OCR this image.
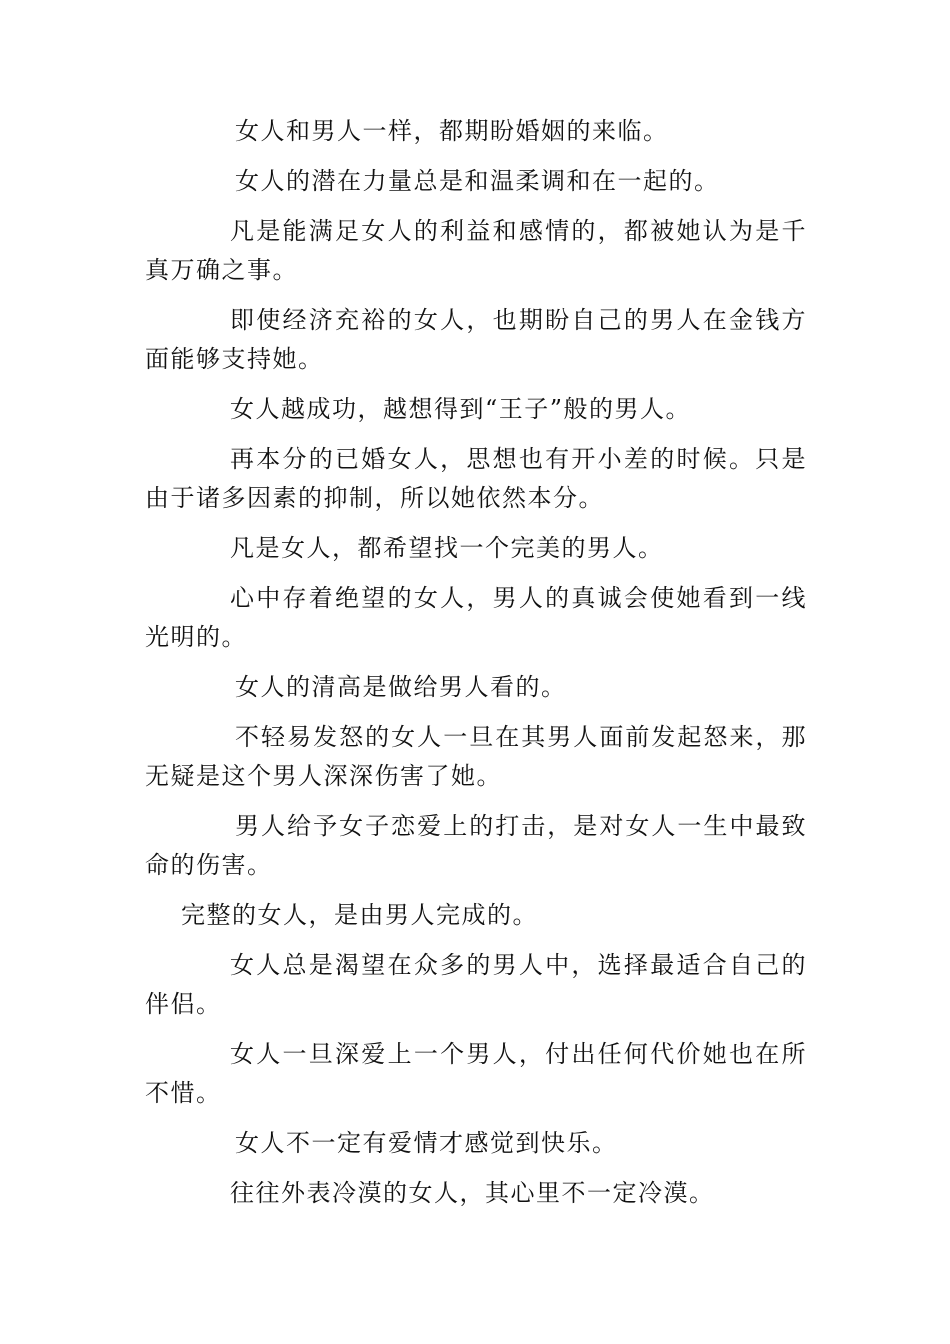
女人和男人一样，都期盼婚姻的来临。

女人的潜在力量总是和温柔调和在一起的。

凡是能满足女人的利益和感情的，都被她认为是千真万确之事。

即使经济充裕的女人，也期盼自己的男人在金钱方面能够支持她。

女人越成功，越想得到“王子”般的男人。

再本分的已婚女人，思想也有开小差的时候。只是由于诸多因素的抑制，所以她依然本分。

凡是女人，都希望找一个完美的男人。

心中存着绝望的女人，男人的真诚会使她看到一线光明的。

女人的清高是做给男人看的。

不轻易发怒的女人一旦在其男人面前发起怒来，那无疑是这个男人深深伤害了她。

男人给予女子恋爱上的打击，是对女人一生中最致命的伤害。

完整的女人，是由男人完成的。

女人总是渴望在众多的男人中，选择最适合自己的伴侣。

女人一旦深爱上一个男人，付出任何代价她也在所不惜。

女人不一定有爱情才感觉到快乐。

往往外表冷漠的女人，其心里不一定冷漠。
